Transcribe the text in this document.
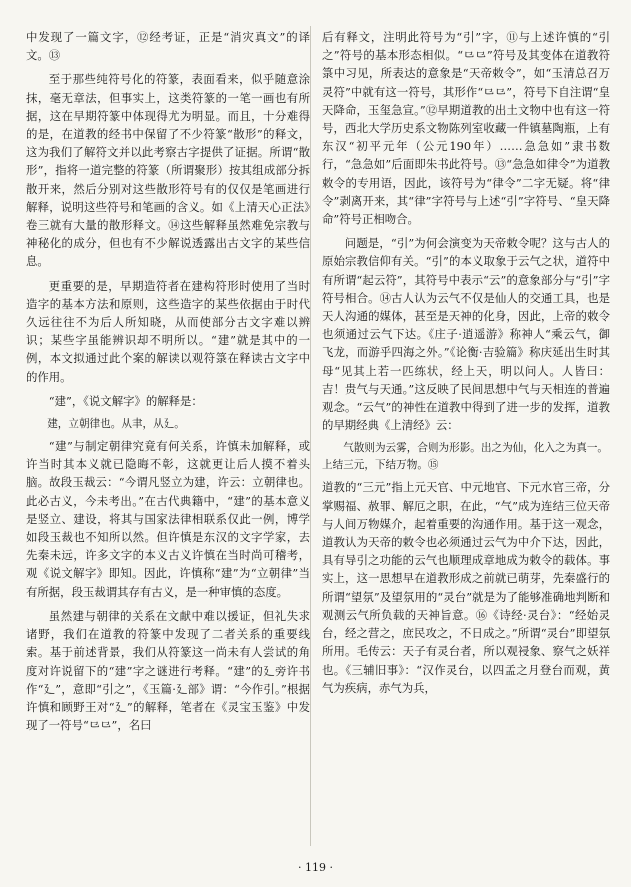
中发现了一篇文字，⑫经考证，正是“消灾真文”的译文。⑬

至于那些纯符号化的符篆，表面看来，似乎随意涂抹，毫无章法，但事实上，这类符篆的一笔一画也有所据，这在早期符篆中体现得尤为明显。而且，十分难得的是，在道教的经书中保留了不少符篆“散形”的释文，这为我们了解符文并以此考察古字提供了证据。所谓“散形”，指将一道完整的符篆（所谓聚形）按其组成部分拆散开来，然后分别对这些散形符号有的仅仅是笔画进行解释，说明这些符号和笔画的含义。如《上清天心正法》卷三就有大量的散形释文。⑭这些解释虽然难免宗教与神秘化的成分，但也有不少解说透露出古文字的某些信息。

更重要的是，早期造符者在建构符形时使用了当时造字的基本方法和原则，这些造字的某些依据由于时代久远往往不为后人所知晓，从而使部分古文字难以辨识；某些字虽能辨识却不明所以。“建”就是其中的一例，本文拟通过此个案的解读以观符箓在释读古文字中的作用。

“建”，《说文解字》的解释是：

建，立朝律也。从聿，从廴。

“建”与制定朝律究竟有何关系，许慎未加解释，或许当时其本义就已隐晦不彰，这就更让后人摸不着头脑。故段玉裁云：“今谓凡竖立为建，许云：立朝律也。此必古义，今未考出。”在古代典籍中，“建”的基本意义是竖立、建设，将其与国家法律相联系仅此一例，博学如段玉裁也不知所以然。但许慎是东汉的文字学家，去先秦未远，许多文字的本义古义许慎在当时尚可稽考，观《说文解字》即知。因此，许慎称“建”为“立朝律”当有所据，段玉裁谓其存有古义，是一种审慎的态度。

虽然建与朝律的关系在文献中难以援证，但礼失求诸野，我们在道教的符篆中发现了二者关系的重要线索。基于前述背景，我们从符篆这一尚未有人尝试的角度对许说留下的“建”字之谜进行考释。“建”的廴旁许书作“廴”，意即“引之”，《玉篇·廴部》谓：“今作引。”根据许慎和顾野王对“廴”的解释，笔者在《灵宝玉鉴》中发现了一符号“⺋⺋”，名曰

后有释文，注明此符号为“引”字，⑪与上述许慎的“引之”符号的基本形态相似。“⺋⺋”符号及其变体在道教符箓中习见，所表达的意象是“天帝敕令”，如“玉清总召万灵符”中就有这一符号，其形作“⺋⺋”，符号下自注谓“皇天降命，玉玺急宣。”⑫早期道教的出土文物中也有这一符号，西北大学历史系文物陈列室收藏一件镇墓陶瓶，上有东汉“初平元年（公元190年）……急急如”隶书数行，“急急如”后面即朱书此符号。⑬“急急如律令”为道教敕令的专用语，因此，该符号为“律令”二字无疑。将“律令”剥离开来，其“律”字符号与上述“引”字符号、“皇天降命”符号正相吻合。

问题是，“引”为何会演变为天帝敕令呢？这与古人的原始宗教信仰有关。“引”的本义取象于云气之状，道符中有所谓“起云符”，其符号中表示“云”的意象部分与“引”字符号相合。⑭古人认为云气不仅是仙人的交通工具，也是天人沟通的媒体，甚至是天神的化身，因此，上帝的敕令也须通过云气下达。《庄子·逍遥游》称神人“乘云气，御飞龙，而游乎四海之外。”《论衡·吉验篇》称庆延出生时其母“见其上若一匹练状，经上天，明以问人。人皆曰：吉！贵气与天通。”这反映了民间思想中气与天相连的普遍观念。“云气”的神性在道教中得到了进一步的发挥，道教的早期经典《上清经》云：

气散则为云雾，合则为形影。出之为仙，化入之为真一。上结三元，下结万物。⑮

道教的“三元”指上元天官、中元地官、下元水官三帝，分掌赐福、赦罪、解厄之职，在此，“气”成为连结三位天帝与人间万物媒介，起着重要的沟通作用。基于这一观念，道教认为天帝的敕令也必须通过云气为中介下达，因此，具有导引之功能的云气也顺理成章地成为敕令的载体。事实上，这一思想早在道教形成之前就已萌芽，先秦盛行的所谓“望氛”及望氛用的“灵台”就是为了能够准确地判断和观测云气所负载的天神旨意。⑯《诗经·灵台》：“经始灵台，经之营之，庶民攻之，不日成之。”所谓“灵台”即望氛所用。毛传云：天子有灵台者，所以观祲象、察气之妖祥也。《三辅旧事》：“汉作灵台，以四孟之月登台而观，黄气为疾病，赤气为兵，

· 119 ·
